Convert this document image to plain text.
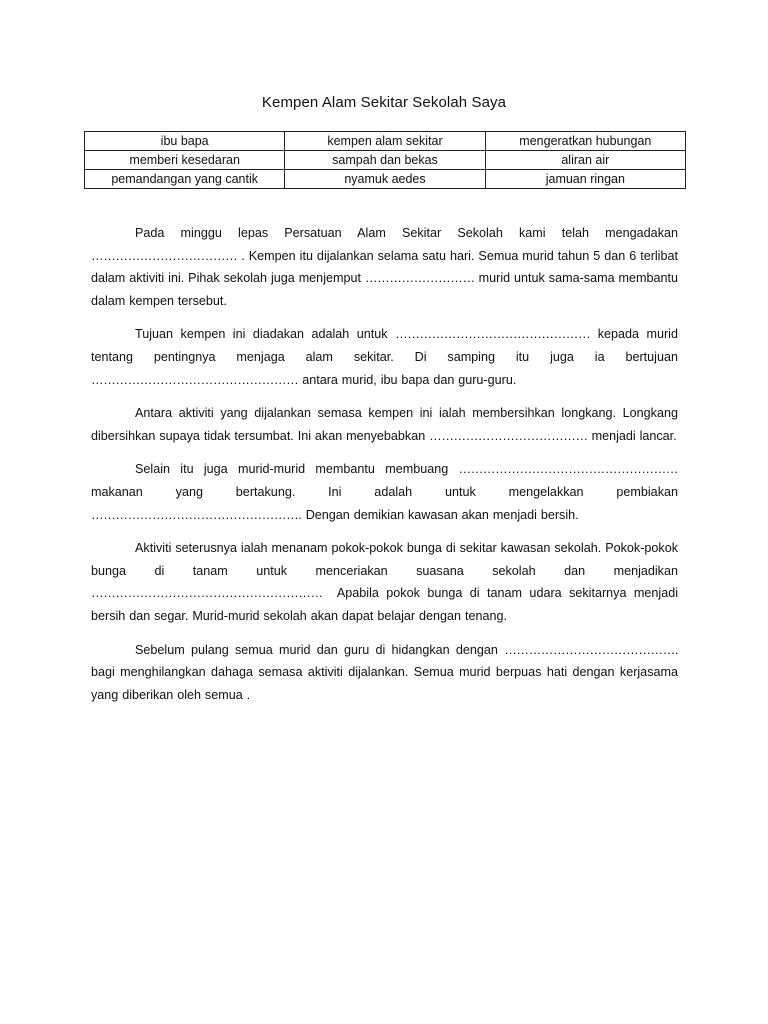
Kempen Alam Sekitar Sekolah Saya
ibu bapa	kempen alam sekitar	mengeratkan hubungan
memberi kesedaran	sampah dan bekas	aliran air
pemandangan yang cantik	nyamuk aedes	jamuan ringan

Pada minggu lepas Persatuan Alam Sekitar Sekolah kami telah mengadakan ……………………………… . Kempen itu dijalankan selama satu hari. Semua murid tahun 5 dan 6 terlibat dalam aktiviti ini. Pihak sekolah juga menjemput ……………………… murid untuk sama-sama membantu dalam kempen tersebut.

Tujuan kempen ini diadakan adalah untuk ………………………………………… kepada murid tentang pentingnya menjaga alam sekitar. Di samping itu juga ia bertujuan …………………………………………… antara murid, ibu bapa dan guru-guru.

Antara aktiviti yang dijalankan semasa kempen ini ialah membersihkan longkang. Longkang dibersihkan supaya tidak tersumbat. Ini akan menyebabkan ………………………………… menjadi lancar.

Selain itu juga murid-murid membantu membuang ……………………………………………… makanan yang bertakung. Ini adalah untuk mengelakkan pembiakan ……………………………………………. Dengan demikian kawasan akan menjadi bersih.

Aktiviti seterusnya ialah menanam pokok-pokok bunga di sekitar kawasan sekolah. Pokok-pokok bunga di tanam untuk menceriakan suasana sekolah dan menjadikan ………………………………………………… Apabila pokok bunga di tanam udara sekitarnya menjadi bersih dan segar. Murid-murid sekolah akan dapat belajar dengan tenang.

Sebelum pulang semua murid dan guru di hidangkan dengan ……………………………………. bagi menghilangkan dahaga semasa aktiviti dijalankan. Semua murid berpuas hati dengan kerjasama yang diberikan oleh semua .
